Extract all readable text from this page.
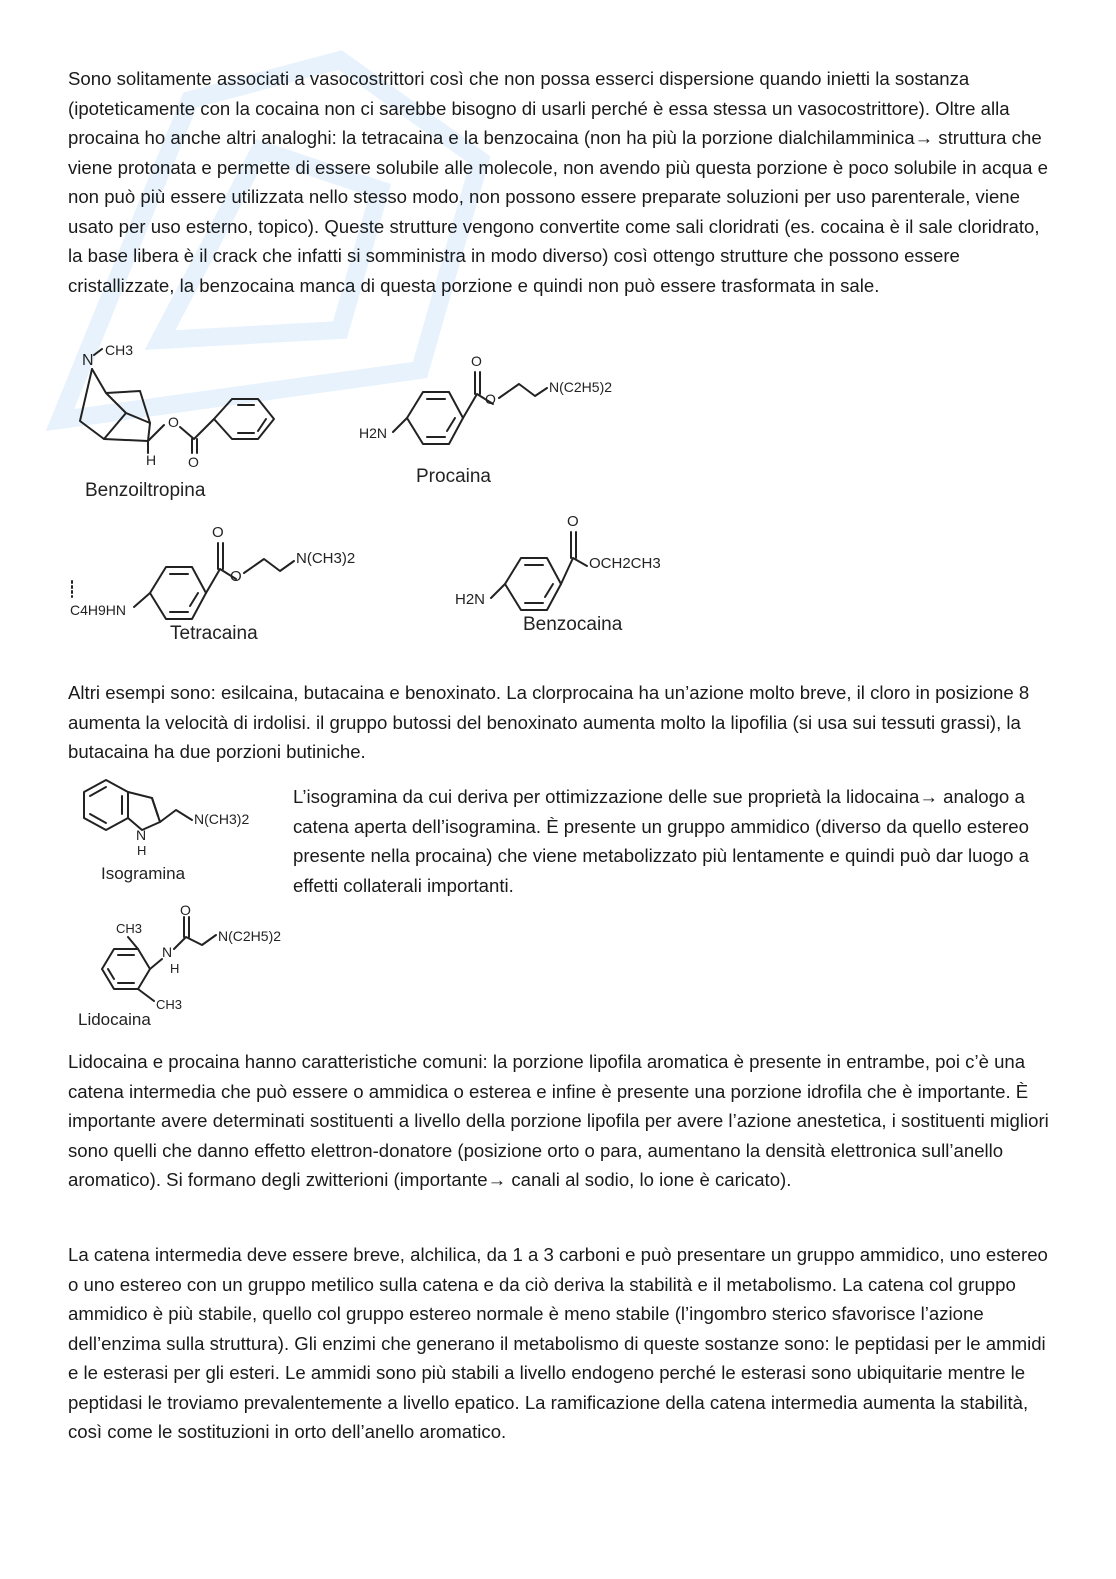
Sono solitamente associati a vasocostrittori così che non possa esserci dispersione quando inietti la sostanza (ipoteticamente con la cocaina non ci sarebbe bisogno di usarli perché è essa stessa un vasocostrittore). Oltre alla procaina ho anche altri analoghi: la tetracaina e la benzocaina (non ha più la porzione dialchilamminica→ struttura che viene protonata e permette di essere solubile alle molecole, non avendo più questa porzione è poco solubile in acqua e non può più essere utilizzata nello stesso modo, non possono essere preparate soluzioni per uso parenterale, viene usato per uso esterno, topico). Queste strutture vengono convertite come sali cloridrati (es. cocaina è il sale cloridrato, la base libera è il crack che infatti si somministra in modo diverso) così ottengo strutture che possono essere cristallizzate, la benzocaina manca di questa porzione e quindi non può essere trasformata in sale.

N
CH3
H
O
O
Benzoiltropina
H2N
O
O
N(C2H5)2
Procaina
C4H9HN
O
O
N(CH3)2
Tetracaina
H2N
O
OCH2CH3
Benzocaina

Altri esempi sono: esilcaina, butacaina e benoxinato. La clorprocaina ha un’azione molto breve, il cloro in posizione 8 aumenta la velocità di irdolisi. il gruppo butossi del benoxinato aumenta molto la lipofilia (si usa sui tessuti grassi), la butacaina ha due porzioni butiniche.

N
H
N(CH3)2
Isogramina

L’isogramina da cui deriva per ottimizzazione delle sue proprietà la lidocaina→ analogo a catena aperta dell’isogramina. È presente un gruppo ammidico (diverso da quello estereo presente nella procaina) che viene metabolizzato più lentamente e quindi può dar luogo a effetti collaterali importanti.

CH3
CH3
N
H
O
N(C2H5)2
Lidocaina

Lidocaina e procaina hanno caratteristiche comuni: la porzione lipofila aromatica è presente in entrambe, poi c’è una catena intermedia che può essere o ammidica o esterea e infine è presente una porzione idrofila che è importante. È importante avere determinati sostituenti a livello della porzione lipofila per avere l’azione anestetica, i sostituenti migliori sono quelli che danno effetto elettron-donatore (posizione orto o para, aumentano la densità elettronica sull’anello aromatico). Si formano degli zwitterioni (importante→ canali al sodio, lo ione è caricato).

La catena intermedia deve essere breve, alchilica, da 1 a 3 carboni e può presentare un gruppo ammidico, uno estereo o uno estereo con un gruppo metilico sulla catena e da ciò deriva la stabilità e il metabolismo. La catena col gruppo ammidico è più stabile, quello col gruppo estereo normale è meno stabile (l’ingombro sterico sfavorisce l’azione dell’enzima sulla struttura). Gli enzimi che generano il metabolismo di queste sostanze sono: le peptidasi per le ammidi e le esterasi per gli esteri. Le ammidi sono più stabili a livello endogeno perché le esterasi sono ubiquitarie mentre le peptidasi le troviamo prevalentemente a livello epatico. La ramificazione della catena intermedia aumenta la stabilità, così come le sostituzioni in orto dell’anello aromatico.
